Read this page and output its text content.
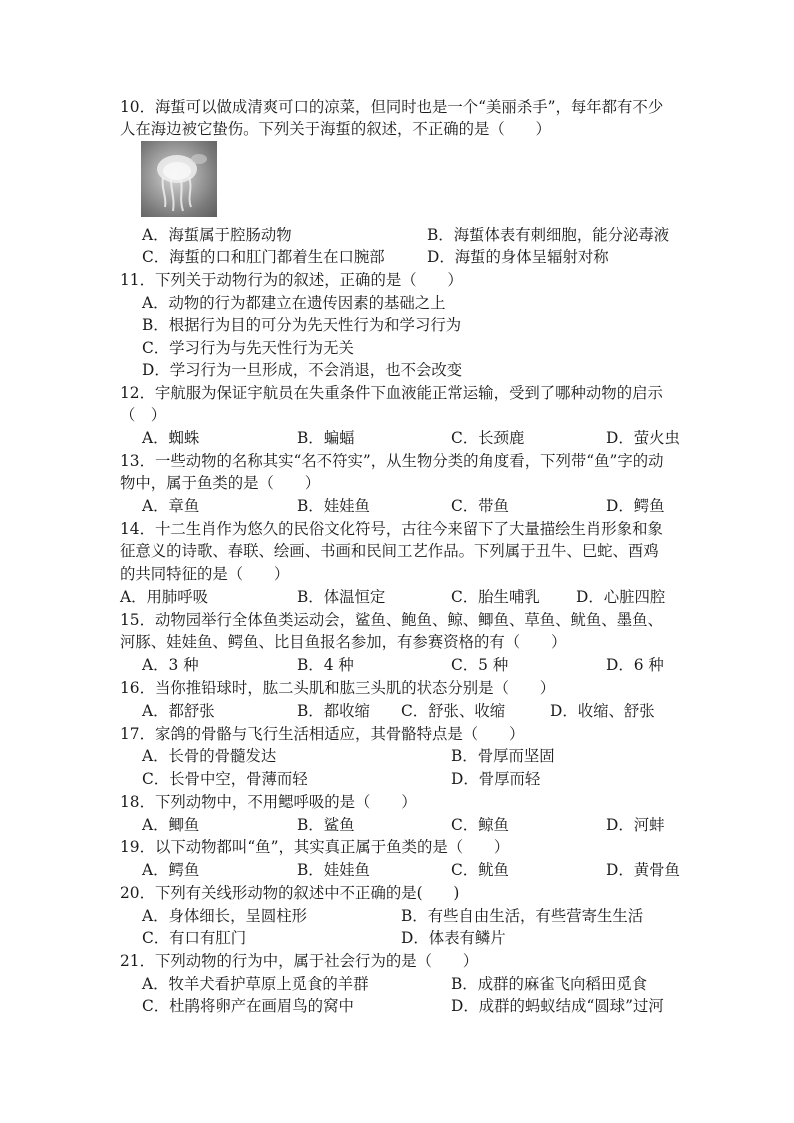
10．海蜇可以做成清爽可口的凉菜，但同时也是一个“美丽杀手”，每年都有不少
人在海边被它蛰伤。下列关于海蜇的叙述，不正确的是（　　）
A．海蜇属于腔肠动物	B．海蜇体表有刺细胞，能分泌毒液
C．海蜇的口和肛门都着生在口腕部	D．海蜇的身体呈辐射对称
11．下列关于动物行为的叙述，正确的是（　　）
A．动物的行为都建立在遗传因素的基础之上
B．根据行为目的可分为先天性行为和学习行为
C．学习行为与先天性行为无关
D．学习行为一旦形成，不会消退，也不会改变
12．宇航服为保证宇航员在失重条件下血液能正常运输，受到了哪种动物的启示
（　）
A．蜘蛛	B．蝙蝠	C．长颈鹿	D．萤火虫
13．一些动物的名称其实“名不符实”，从生物分类的角度看，下列带“鱼”字的动
物中，属于鱼类的是（　　）
A．章鱼	B．娃娃鱼	C．带鱼	D．鳄鱼
14．十二生肖作为悠久的民俗文化符号，古往今来留下了大量描绘生肖形象和象
征意义的诗歌、春联、绘画、书画和民间工艺作品。下列属于丑牛、巳蛇、酉鸡
的共同特征的是（　　）
A．用肺呼吸	B．体温恒定	C．胎生哺乳 D．心脏四腔
15．动物园举行全体鱼类运动会，鲨鱼、鲍鱼、鲸、鲫鱼、草鱼、鱿鱼、墨鱼、
河豚、娃娃鱼、鳄鱼、比目鱼报名参加，有参赛资格的有（　　）
A．3 种	B．4 种	C．5 种	D．6 种
16．当你推铅球时，肱二头肌和肱三头肌的状态分别是（　　）
A．都舒张	B．都收缩 C．舒张、收缩	D．收缩、舒张
17．家鸽的骨骼与飞行生活相适应，其骨骼特点是（　　）
A．长骨的骨髓发达	B．骨厚而坚固
C．长骨中空，骨薄而轻	D．骨厚而轻
18．下列动物中，不用鳃呼吸的是（　　）
A．鲫鱼	B．鲨鱼	C．鲸鱼	D．河蚌
19．以下动物都叫“鱼”，其实真正属于鱼类的是（　　）
A．鳄鱼	B．娃娃鱼	C．鱿鱼	D．黄骨鱼
20．下列有关线形动物的叙述中不正确的是(　　)
A．身体细长，呈圆柱形	B．有些自由生活，有些营寄生生活
C．有口有肛门	D．体表有鳞片
21．下列动物的行为中，属于社会行为的是（　　）
A．牧羊犬看护草原上觅食的羊群	B．成群的麻雀飞向稻田觅食
C．杜鹃将卵产在画眉鸟的窝中	D．成群的蚂蚁结成“圆球”过河
